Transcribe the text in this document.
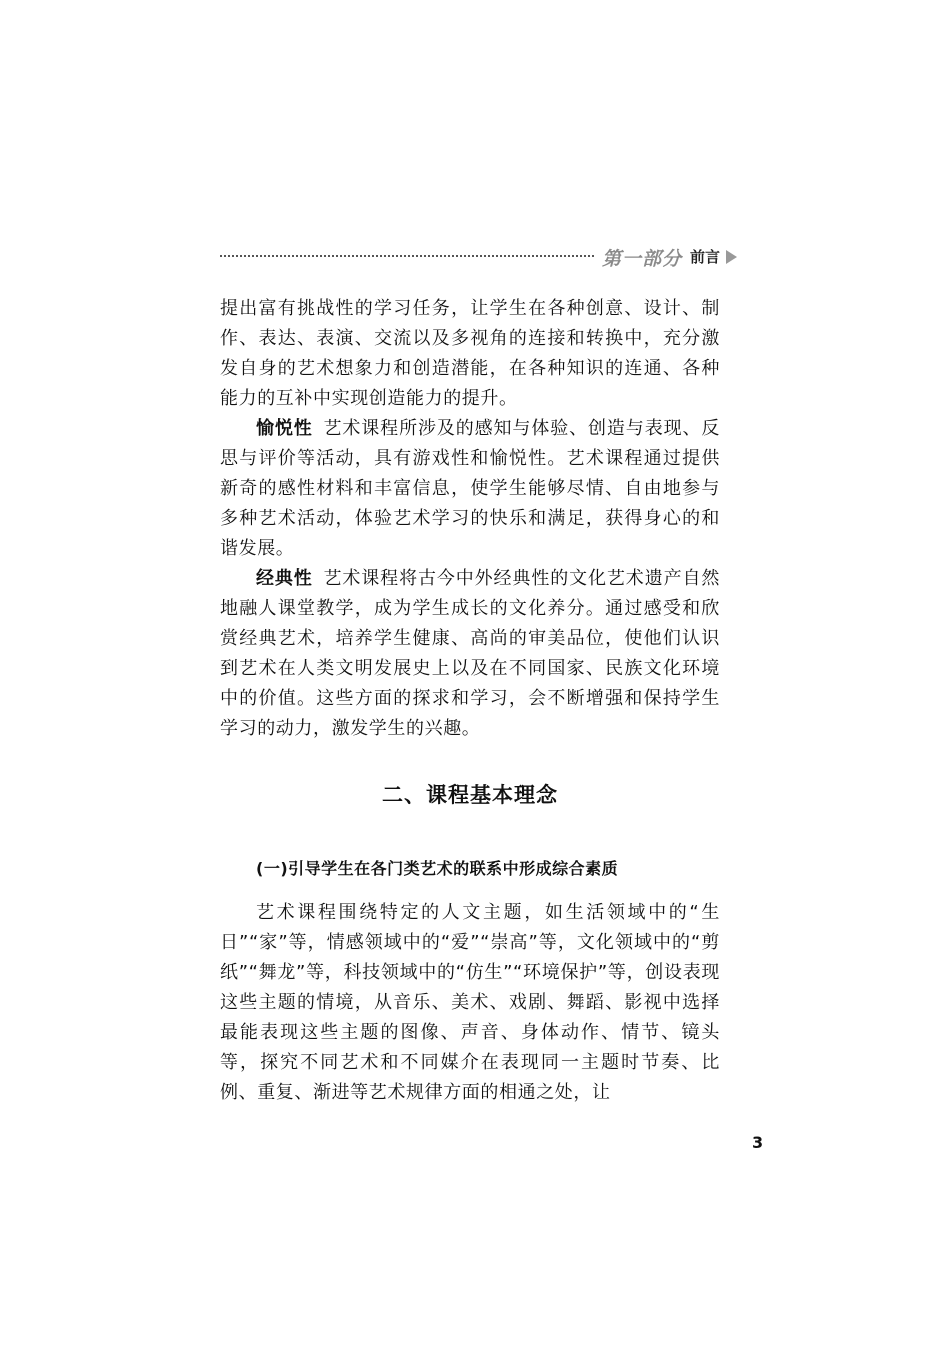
第一部分 前言

提出富有挑战性的学习任务，让学生在各种创意、设计、制作、表达、表演、交流以及多视角的连接和转换中，充分激发自身的艺术想象力和创造潜能，在各种知识的连通、各种能力的互补中实现创造能力的提升。

愉悦性 艺术课程所涉及的感知与体验、创造与表现、反思与评价等活动，具有游戏性和愉悦性。艺术课程通过提供新奇的感性材料和丰富信息，使学生能够尽情、自由地参与多种艺术活动，体验艺术学习的快乐和满足，获得身心的和谐发展。

经典性 艺术课程将古今中外经典性的文化艺术遗产自然地融人课堂教学，成为学生成长的文化养分。通过感受和欣赏经典艺术，培养学生健康、高尚的审美品位，使他们认识到艺术在人类文明发展史上以及在不同国家、民族文化环境中的价值。这些方面的探求和学习，会不断增强和保持学生学习的动力，激发学生的兴趣。

二、课程基本理念
(一)引导学生在各门类艺术的联系中形成综合素质

艺术课程围绕特定的人文主题，如生活领域中的“生日”“家”等，情感领域中的“爱”“崇高”等，文化领域中的“剪纸”“舞龙”等，科技领域中的“仿生”“环境保护”等，创设表现这些主题的情境，从音乐、美术、戏剧、舞蹈、影视中选择最能表现这些主题的图像、声音、身体动作、情节、镜头等，探究不同艺术和不同媒介在表现同一主题时节奏、比例、重复、渐进等艺术规律方面的相通之处，让

3
